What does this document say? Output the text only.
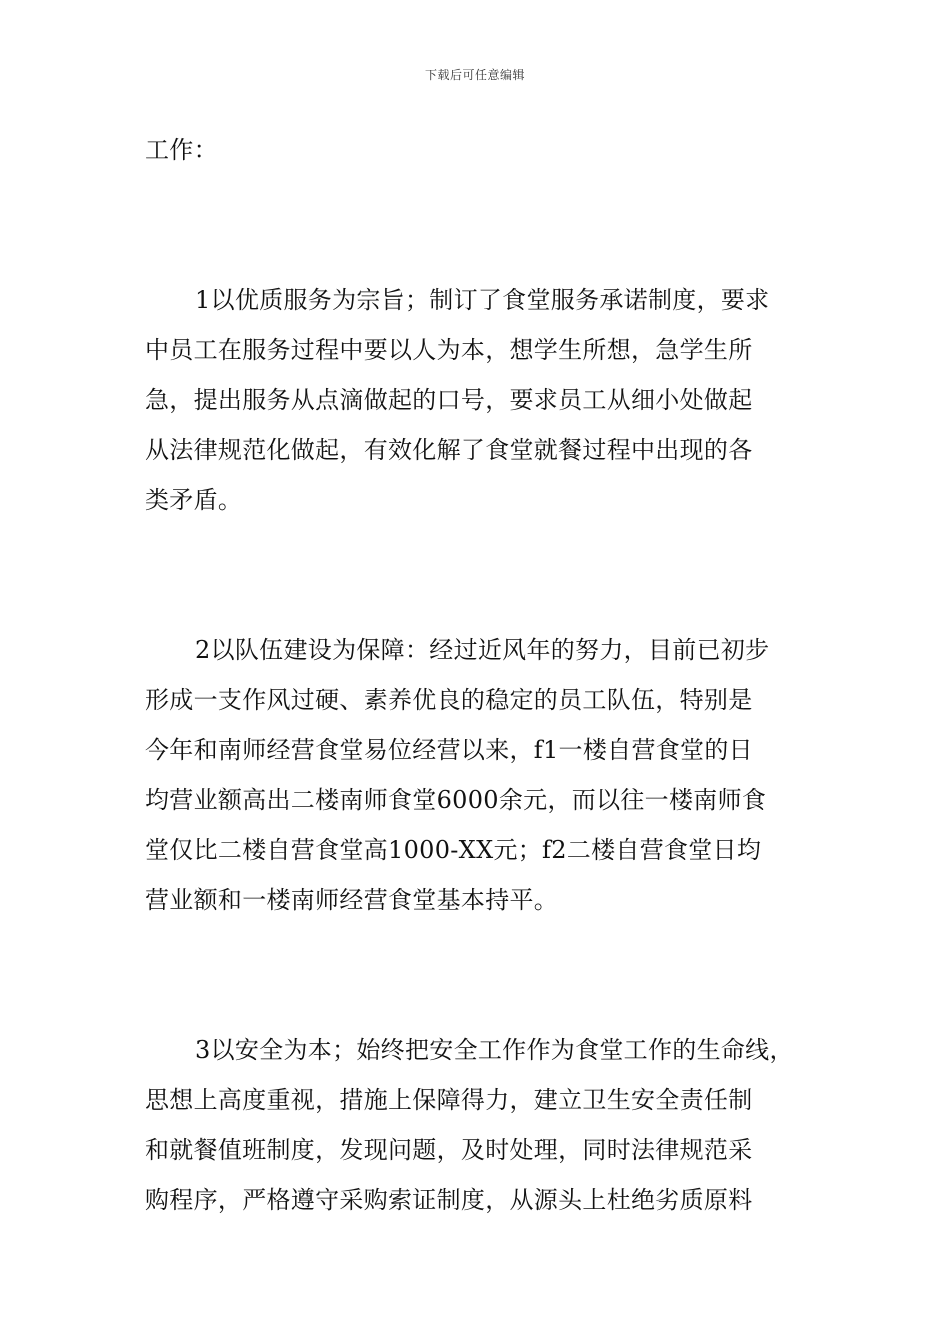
下载后可任意编辑
工作：
1以优质服务为宗旨；制订了食堂服务承诺制度，要求
中员工在服务过程中要以人为本，想学生所想，急学生所
急，提出服务从点滴做起的口号，要求员工从细小处做起
从法律规范化做起，有效化解了食堂就餐过程中出现的各
类矛盾。
2以队伍建设为保障：经过近风年的努力，目前已初步
形成一支作风过硬、素养优良的稳定的员工队伍，特别是
今年和南师经营食堂易位经营以来，f1一楼自营食堂的日
均营业额高出二楼南师食堂6000余元，而以往一楼南师食
堂仅比二楼自营食堂高1000-XX元；f2二楼自营食堂日均
营业额和一楼南师经营食堂基本持平。
3以安全为本；始终把安全工作作为食堂工作的生命线，
思想上高度重视，措施上保障得力，建立卫生安全责任制
和就餐值班制度，发现问题，及时处理，同时法律规范采
购程序，严格遵守采购索证制度，从源头上杜绝劣质原料
